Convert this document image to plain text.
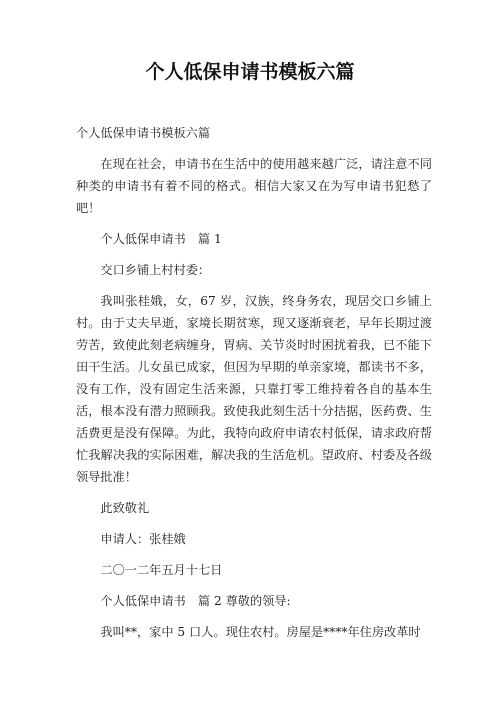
个人低保申请书模板六篇

个人低保申请书模板六篇

在现在社会，申请书在生活中的使用越来越广泛，请注意不同种类的申请书有着不同的格式。相信大家又在为写申请书犯愁了吧！

个人低保申请书　篇 1

交口乡铺上村村委：

我叫张桂娥，女，67 岁，汉族，终身务农，现居交口乡铺上村。由于丈夫早逝，家境长期贫寒，现又逐渐衰老，早年长期过渡劳苦，致使此刻老病缠身，胃病、关节炎时时困扰着我，已不能下田干生活。儿女虽已成家，但因为早期的单亲家境，都读书不多，没有工作，没有固定生活来源，只靠打零工维持着各自的基本生活，根本没有潜力照顾我。致使我此刻生活十分拮据，医药费、生活费更是没有保障。为此，我特向政府申请农村低保，请求政府帮忙我解决我的实际困难，解决我的生活危机。望政府、村委及各级领导批准！

此致敬礼

申请人：张桂娥

二〇一二年五月十七日

个人低保申请书　篇 2 尊敬的领导:

我叫**，家中 5 口人。现住农村。房屋是****年住房改革时
